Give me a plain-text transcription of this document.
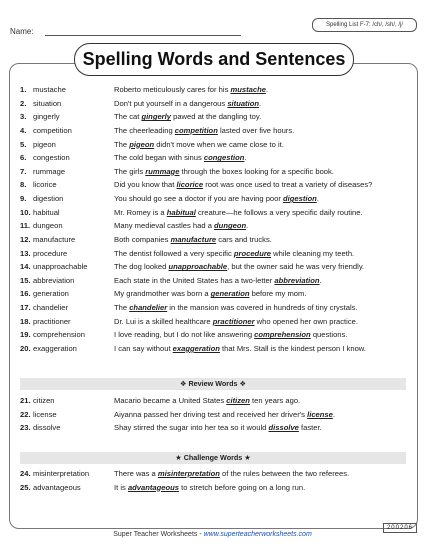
Name:
Spelling List F-7: /ch/, /sh/, /j/
Spelling Words and Sentences
1. mustache	Roberto meticulously cares for his mustache.
2. situation	Don't put yourself in a dangerous situation.
3. gingerly	The cat gingerly pawed at the dangling toy.
4. competition	The cheerleading competition lasted over five hours.
5. pigeon	The pigeon didn't move when we came close to it.
6. congestion	The cold began with sinus congestion.
7. rummage	The girls rummage through the boxes looking for a specific book.
8. licorice	Did you know that licorice root was once used to treat a variety of diseases?
9. digestion	You should go see a doctor if you are having poor digestion.
10. habitual	Mr. Romey is a habitual creature—he follows a very specific daily routine.
11. dungeon	Many medieval castles had a dungeon.
12. manufacture	Both companies manufacture cars and trucks.
13. procedure	The dentist followed a very specific procedure while cleaning my teeth.
14. unapproachable	The dog looked unapproachable, but the owner said he was very friendly.
15. abbreviation	Each state in the United States has a two-letter abbreviation.
16. generation	My grandmother was born a generation before my mom.
17. chandelier	The chandelier in the mansion was covered in hundreds of tiny crystals.
18. practitioner	Dr. Lui is a skilled healthcare practitioner who opened her own practice.
19. comprehension	I love reading, but I do not like answering comprehension questions.
20. exaggeration	I can say without exaggeration that Mrs. Stall is the kindest person I know.
❖ Review Words ❖
21. citizen	Macario became a United States citizen ten years ago.
22. license	Aiyanna passed her driving test and received her driver's license.
23. dissolve	Shay stirred the sugar into her tea so it would dissolve faster.
★ Challenge Words ★
24. misinterpretation	There was a misinterpretation of the rules between the two referees.
25. advantageous	It is advantageous to stretch before going on a long run.
Super Teacher Worksheets - www.superteacherworksheets.com
200206
